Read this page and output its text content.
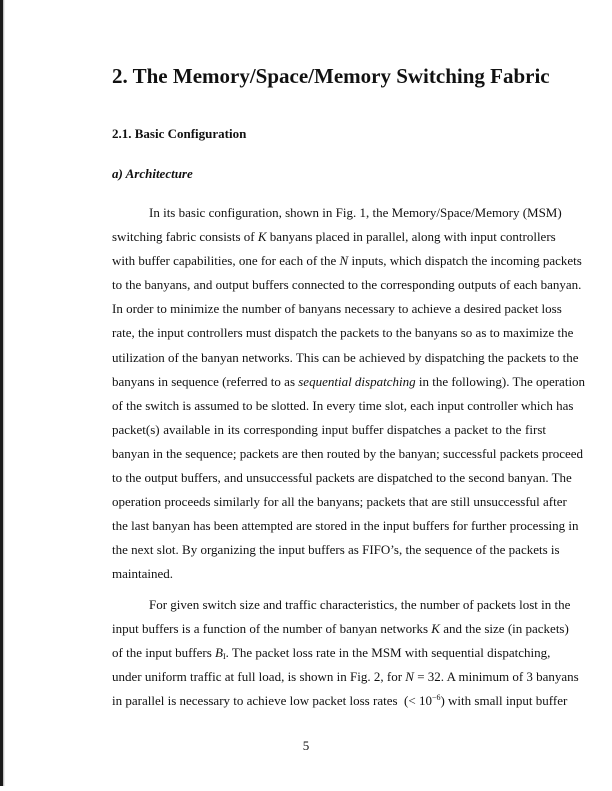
2. The Memory/Space/Memory Switching Fabric
2.1. Basic Configuration
a) Architecture
In its basic configuration, shown in Fig. 1, the Memory/Space/Memory (MSM)
switching fabric consists of K banyans placed in parallel, along with input controllers
with buffer capabilities, one for each of the N inputs, which dispatch the incoming packets
to the banyans, and output buffers connected to the corresponding outputs of each banyan.
In order to minimize the number of banyans necessary to achieve a desired packet loss
rate, the input controllers must dispatch the packets to the banyans so as to maximize the
utilization of the banyan networks. This can be achieved by dispatching the packets to the
banyans in sequence (referred to as sequential dispatching in the following). The operation
of the switch is assumed to be slotted. In every time slot, each input controller which has
packet(s) available in its corresponding input buffer dispatches a packet to the first
banyan in the sequence; packets are then routed by the banyan; successful packets proceed
to the output buffers, and unsuccessful packets are dispatched to the second banyan. The
operation proceeds similarly for all the banyans; packets that are still unsuccessful after
the last banyan has been attempted are stored in the input buffers for further processing in
the next slot. By organizing the input buffers as FIFO’s, the sequence of the packets is
maintained.
For given switch size and traffic characteristics, the number of packets lost in the
input buffers is a function of the number of banyan networks K and the size (in packets)
of the input buffers $B_I$. The packet loss rate in the MSM with sequential dispatching,
under uniform traffic at full load, is shown in Fig. 2, for N = 32. A minimum of 3 banyans
in parallel is necessary to achieve low packet loss rates  (< $10^{-6}$) with small input buffer
5
